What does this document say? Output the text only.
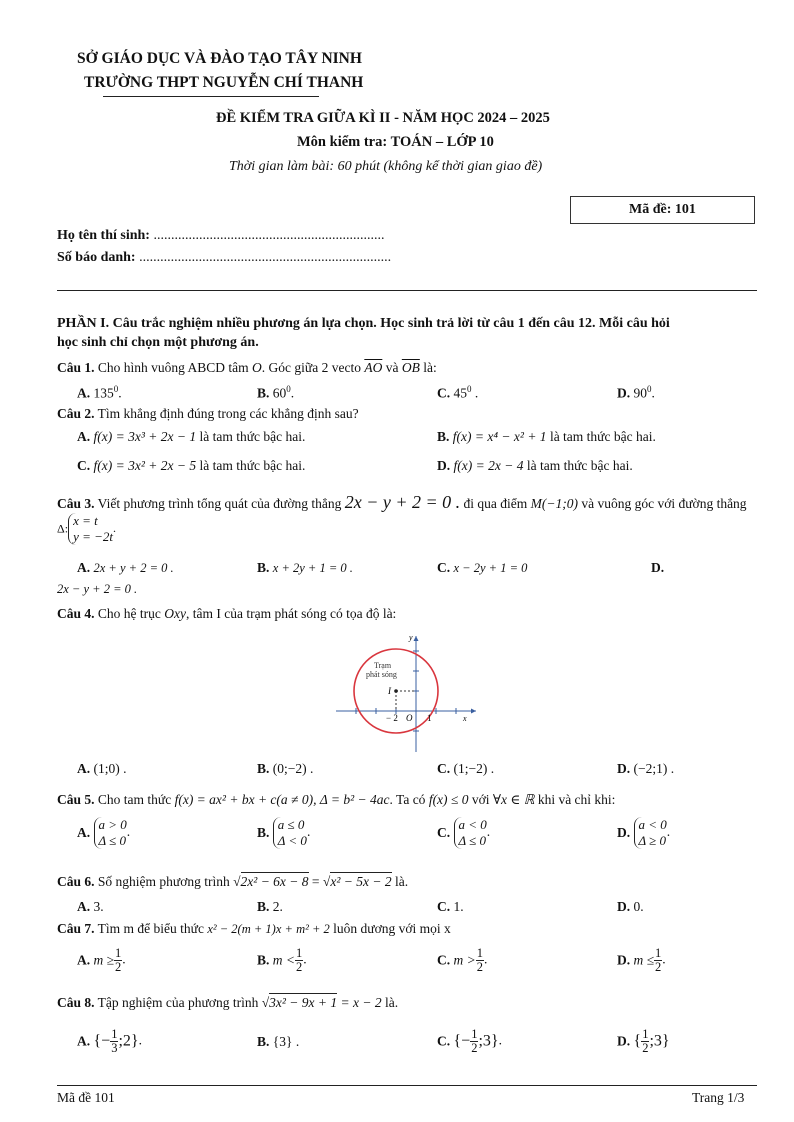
SỞ GIÁO DỤC VÀ ĐÀO TẠO TÂY NINH
TRƯỜNG THPT NGUYỄN CHÍ THANH
ĐỀ KIỂM TRA GIỮA KÌ II - NĂM HỌC 2024 – 2025
Môn kiểm tra: TOÁN – LỚP 10
Thời gian làm bài: 60 phút (không kể thời gian giao đề)
Mã đề: 101
Họ tên thí sinh: ..................................................................
Số báo danh: ........................................................................
PHẦN I. Câu trắc nghiệm nhiều phương án lựa chọn. Học sinh trả lời từ câu 1 đến câu 12. Mỗi câu hỏi
học sinh chỉ chọn một phương án.
Câu 1. Cho hình vuông ABCD tâm O. Góc giữa 2 vecto $\overline{AO}$ và $\overline{OB}$ là:
A. $135^0$.	B. $60^0$.	C. $45^0$ .	D. $90^0$.
Câu 2. Tìm khẳng định đúng trong các khẳng định sau?
A. f(x) = 3x³ + 2x − 1 là tam thức bậc hai.	B. f(x) = x⁴ − x² + 1 là tam thức bậc hai.
C. f(x) = 3x² + 2x − 5 là tam thức bậc hai.	D. f(x) = 2x − 4 là tam thức bậc hai.
Câu 3. Viết phương trình tổng quát của đường thẳng 2x − y + 2 = 0 . đi qua điểm M(−1;0) và vuông góc với đường thẳng
Δ:x = t
y = −2t.
A. 2x + y + 2 = 0 .	B. x + 2y + 1 = 0 .	C. x − 2y + 1 = 0	D.
2x − y + 2 = 0 .
Câu 4. Cho hệ trục Oxy, tâm I của trạm phát sóng có tọa độ là:
Trạm
phát sóng
I
y
x
O
− 2	1
A. (1;0) .	B. (0;−2) .	C. (1;−2) .	D. (−2;1) .
Câu 5. Cho tam thức f(x) = ax² + bx + c(a ≠ 0), Δ = b² − 4ac. Ta có f(x) ≤ 0 với ∀x ∈ ℝ khi và chỉ khi:
A. a > 0
Δ ≤ 0.	B. a ≤ 0
Δ < 0.	C. a < 0
Δ ≤ 0.	D. a < 0
Δ ≥ 0.
Câu 6. Số nghiệm phương trình √2x² − 6x − 8 = √x² − 5x − 2 là.
A. 3.	B. 2.	C. 1.	D. 0.
Câu 7. Tìm m để biểu thức x² − 2(m + 1)x + m² + 2 luôn dương với mọi x
A. $m \ge \frac{1}{2}$ .	B. $m < \frac{1}{2}$ .	C. $m > \frac{1}{2}$ .	D. $m \le \frac{1}{2}$ .
Câu 8. Tập nghiệm của phương trình √3x² − 9x + 1 = x − 2 là.
A. {− $\frac{1}{3}$ ;2}.	B. {3} .	C. {− $\frac{1}{2}$ ;3}.	D. { $\frac{1}{2}$ ;3}
Mã đề 101	Trang 1/3
